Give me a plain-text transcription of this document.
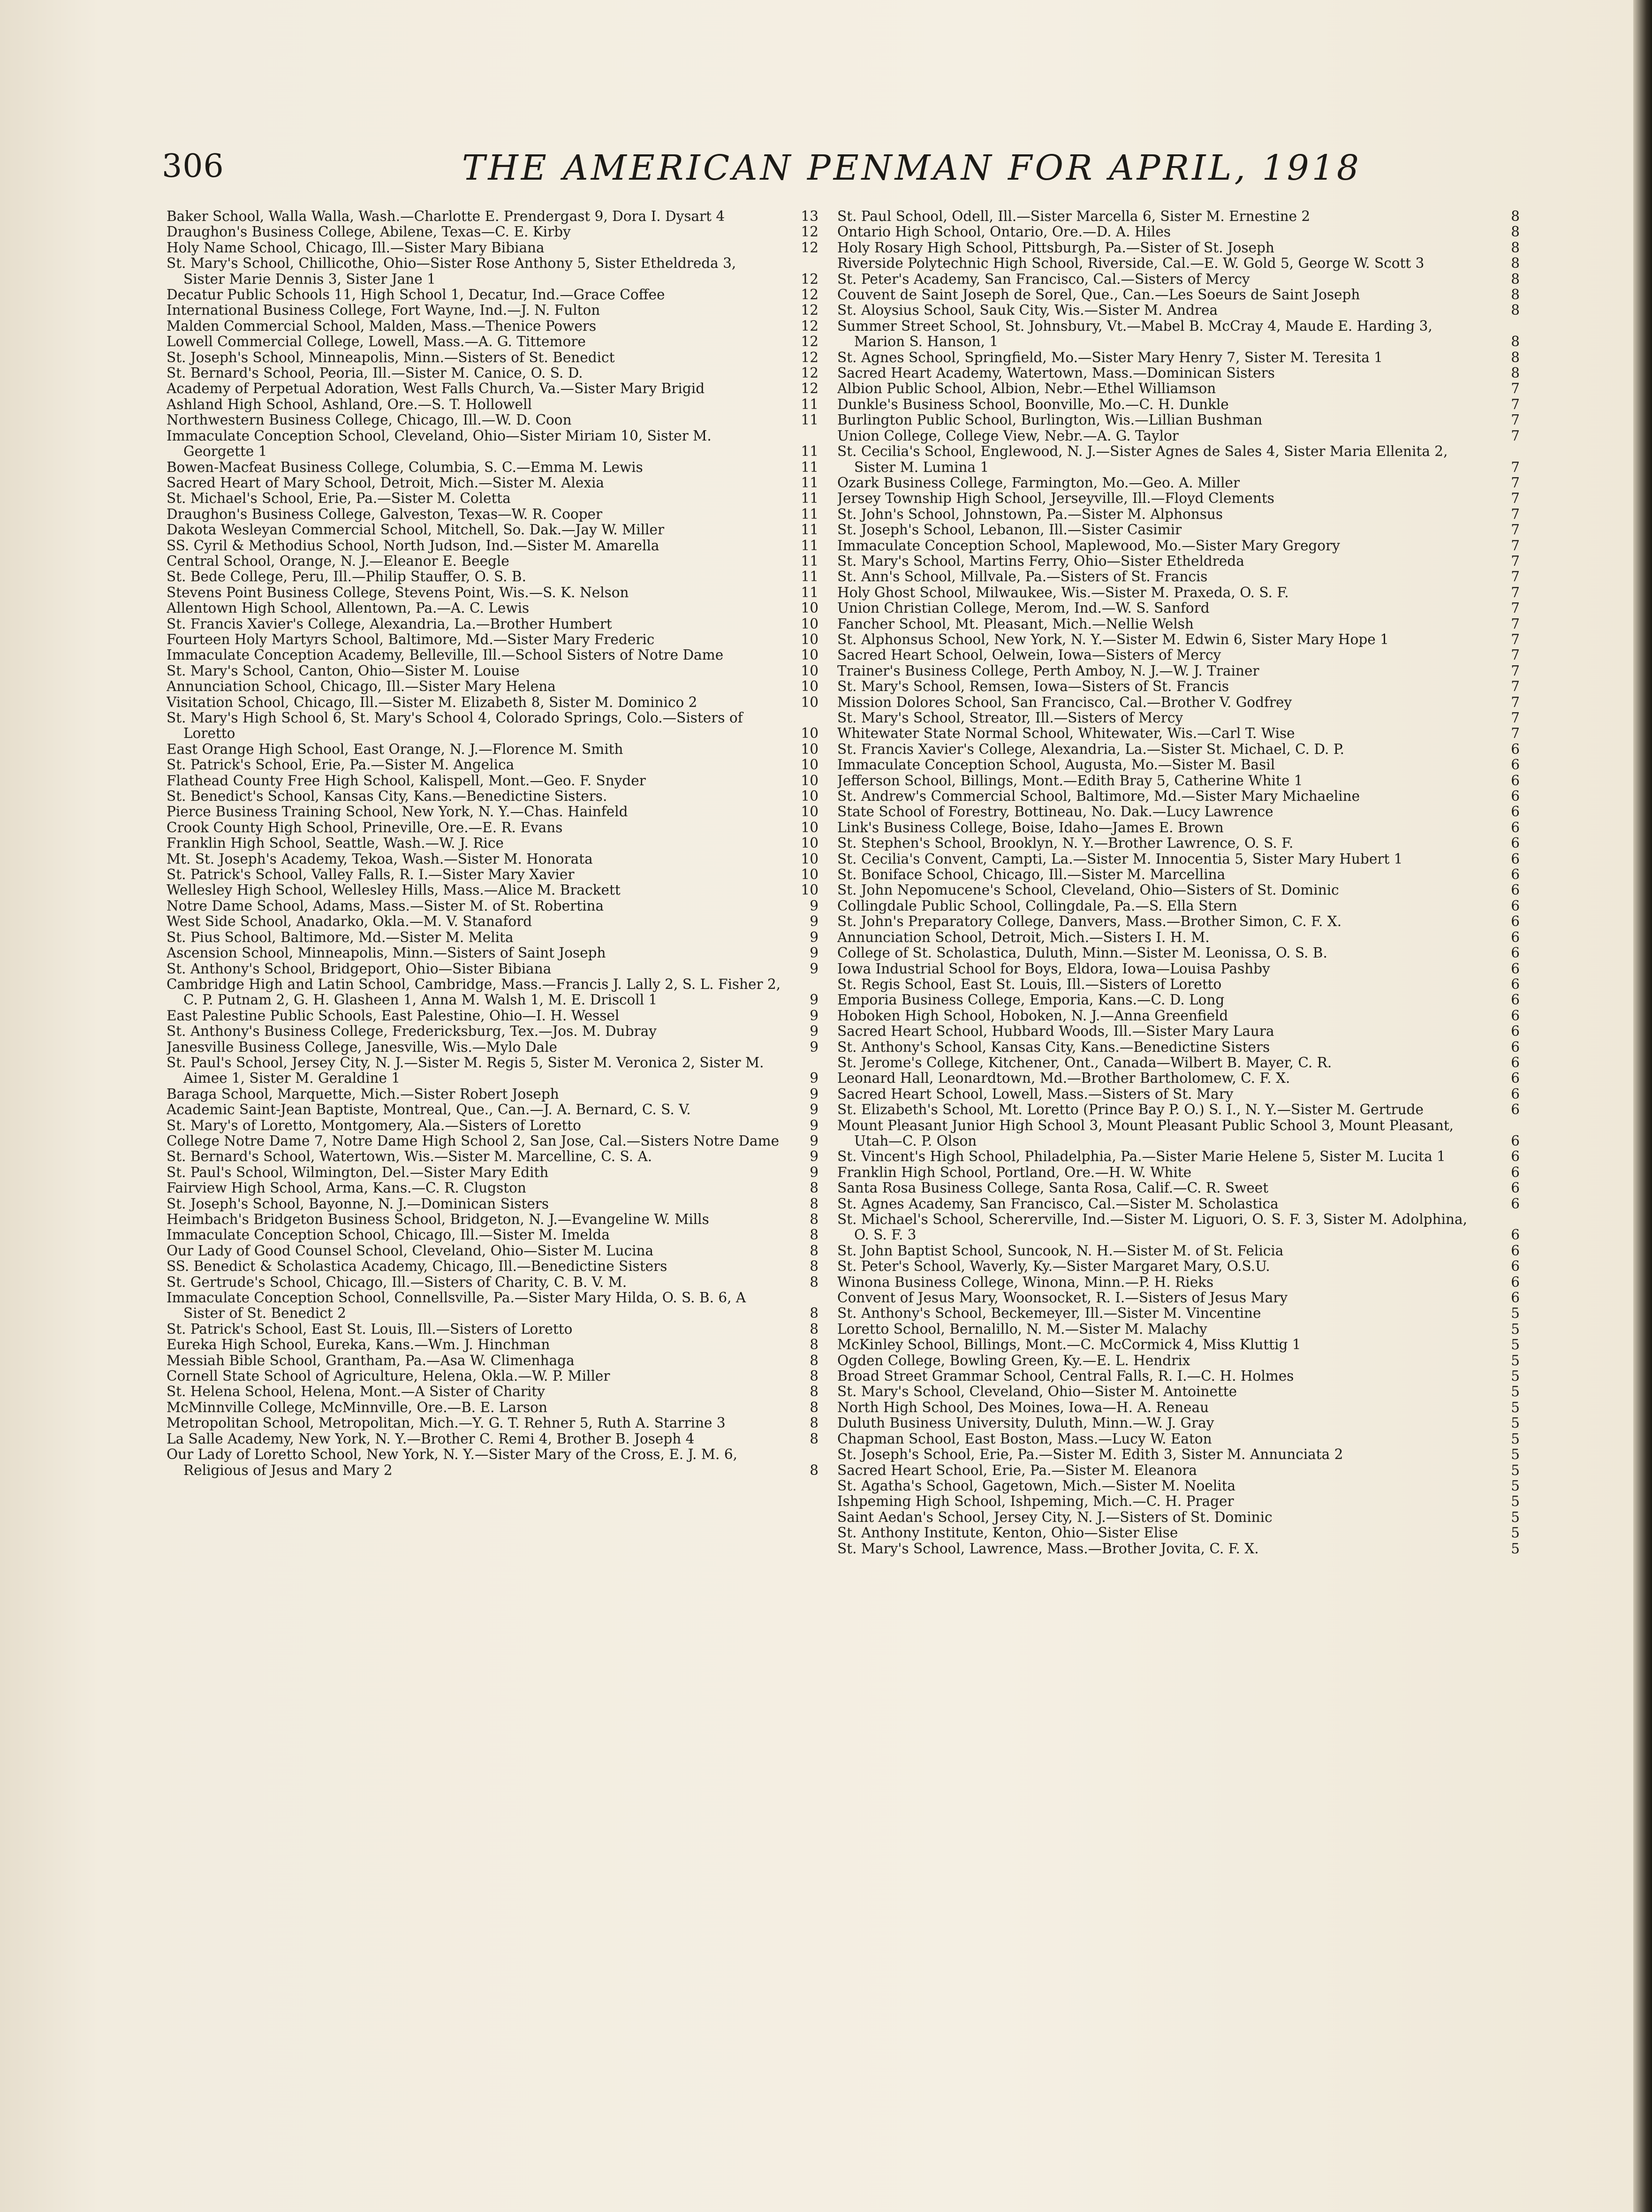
306	THE AMERICAN PENMAN FOR APRIL, 1918
Baker School, Walla Walla, Wash.—Charlotte E. Prendergast 9, Dora I. Dysart 4	13
Draughon's Business College, Abilene, Texas—C. E. Kirby	12
Holy Name School, Chicago, Ill.—Sister Mary Bibiana	12
St. Mary's School, Chillicothe, Ohio—Sister Rose Anthony 5, Sister Etheldreda 3, Sister Marie Dennis 3, Sister Jane 1	12
Decatur Public Schools 11, High School 1, Decatur, Ind.—Grace Coffee	12
International Business College, Fort Wayne, Ind.—J. N. Fulton	12
Malden Commercial School, Malden, Mass.—Thenice Powers	12
Lowell Commercial College, Lowell, Mass.—A. G. Tittemore	12
St. Joseph's School, Minneapolis, Minn.—Sisters of St. Benedict	12
St. Bernard's School, Peoria, Ill.—Sister M. Canice, O. S. D.	12
Academy of Perpetual Adoration, West Falls Church, Va.—Sister Mary Brigid	12
Ashland High School, Ashland, Ore.—S. T. Hollowell	11
Northwestern Business College, Chicago, Ill.—W. D. Coon	11
Immaculate Conception School, Cleveland, Ohio—Sister Miriam 10, Sister M. Georgette 1	11
Bowen-Macfeat Business College, Columbia, S. C.—Emma M. Lewis	11
Sacred Heart of Mary School, Detroit, Mich.—Sister M. Alexia	11
St. Michael's School, Erie, Pa.—Sister M. Coletta	11
Draughon's Business College, Galveston, Texas—W. R. Cooper	11
Dakota Wesleyan Commercial School, Mitchell, So. Dak.—Jay W. Miller	11
SS. Cyril & Methodius School, North Judson, Ind.—Sister M. Amarella	11
Central School, Orange, N. J.—Eleanor E. Beegle	11
St. Bede College, Peru, Ill.—Philip Stauffer, O. S. B.	11
Stevens Point Business College, Stevens Point, Wis.—S. K. Nelson	11
Allentown High School, Allentown, Pa.—A. C. Lewis	10
St. Francis Xavier's College, Alexandria, La.—Brother Humbert	10
Fourteen Holy Martyrs School, Baltimore, Md.—Sister Mary Frederic	10
Immaculate Conception Academy, Belleville, Ill.—School Sisters of Notre Dame	10
St. Mary's School, Canton, Ohio—Sister M. Louise	10
Annunciation School, Chicago, Ill.—Sister Mary Helena	10
Visitation School, Chicago, Ill.—Sister M. Elizabeth 8, Sister M. Dominico 2	10
St. Mary's High School 6, St. Mary's School 4, Colorado Springs, Colo.—Sisters of Loretto	10
East Orange High School, East Orange, N. J.—Florence M. Smith	10
St. Patrick's School, Erie, Pa.—Sister M. Angelica	10
Flathead County Free High School, Kalispell, Mont.—Geo. F. Snyder	10
St. Benedict's School, Kansas City, Kans.—Benedictine Sisters.	10
Pierce Business Training School, New York, N. Y.—Chas. Hainfeld	10
Crook County High School, Prineville, Ore.—E. R. Evans	10
Franklin High School, Seattle, Wash.—W. J. Rice	10
Mt. St. Joseph's Academy, Tekoa, Wash.—Sister M. Honorata	10
St. Patrick's School, Valley Falls, R. I.—Sister Mary Xavier	10
Wellesley High School, Wellesley Hills, Mass.—Alice M. Brackett	10
Notre Dame School, Adams, Mass.—Sister M. of St. Robertina	9
West Side School, Anadarko, Okla.—M. V. Stanaford	9
St. Pius School, Baltimore, Md.—Sister M. Melita	9
Ascension School, Minneapolis, Minn.—Sisters of Saint Joseph	9
St. Anthony's School, Bridgeport, Ohio—Sister Bibiana	9
Cambridge High and Latin School, Cambridge, Mass.—Francis J. Lally 2, S. L. Fisher 2, C. P. Putnam 2, G. H. Glasheen 1, Anna M. Walsh 1, M. E. Driscoll 1	9
East Palestine Public Schools, East Palestine, Ohio—I. H. Wessel	9
St. Anthony's Business College, Fredericksburg, Tex.—Jos. M. Dubray	9
Janesville Business College, Janesville, Wis.—Mylo Dale	9
St. Paul's School, Jersey City, N. J.—Sister M. Regis 5, Sister M. Veronica 2, Sister M. Aimee 1, Sister M. Geraldine 1	9
Baraga School, Marquette, Mich.—Sister Robert Joseph	9
Academic Saint-Jean Baptiste, Montreal, Que., Can.—J. A. Bernard, C. S. V.	9
St. Mary's of Loretto, Montgomery, Ala.—Sisters of Loretto	9
College Notre Dame 7, Notre Dame High School 2, San Jose, Cal.—Sisters Notre Dame	9
St. Bernard's School, Watertown, Wis.—Sister M. Marcelline, C. S. A.	9
St. Paul's School, Wilmington, Del.—Sister Mary Edith	9
Fairview High School, Arma, Kans.—C. R. Clugston	8
St. Joseph's School, Bayonne, N. J.—Dominican Sisters	8
Heimbach's Bridgeton Business School, Bridgeton, N. J.—Evangeline W. Mills	8
Immaculate Conception School, Chicago, Ill.—Sister M. Imelda	8
Our Lady of Good Counsel School, Cleveland, Ohio—Sister M. Lucina	8
SS. Benedict & Scholastica Academy, Chicago, Ill.—Benedictine Sisters	8
St. Gertrude's School, Chicago, Ill.—Sisters of Charity, C. B. V. M.	8
Immaculate Conception School, Connellsville, Pa.—Sister Mary Hilda, O. S. B. 6, A Sister of St. Benedict 2	8
St. Patrick's School, East St. Louis, Ill.—Sisters of Loretto	8
Eureka High School, Eureka, Kans.—Wm. J. Hinchman	8
Messiah Bible School, Grantham, Pa.—Asa W. Climenhaga	8
Cornell State School of Agriculture, Helena, Okla.—W. P. Miller	8
St. Helena School, Helena, Mont.—A Sister of Charity	8
McMinnville College, McMinnville, Ore.—B. E. Larson	8
Metropolitan School, Metropolitan, Mich.—Y. G. T. Rehner 5, Ruth A. Starrine 3	8
La Salle Academy, New York, N. Y.—Brother C. Remi 4, Brother B. Joseph 4	8
Our Lady of Loretto School, New York, N. Y.—Sister Mary of the Cross, E. J. M. 6, Religious of Jesus and Mary 2	8
St. Paul School, Odell, Ill.—Sister Marcella 6, Sister M. Ernestine 2	8
Ontario High School, Ontario, Ore.—D. A. Hiles	8
Holy Rosary High School, Pittsburgh, Pa.—Sister of St. Joseph	8
Riverside Polytechnic High School, Riverside, Cal.—E. W. Gold 5, George W. Scott 3	8
St. Peter's Academy, San Francisco, Cal.—Sisters of Mercy	8
Couvent de Saint Joseph de Sorel, Que., Can.—Les Soeurs de Saint Joseph	8
St. Aloysius School, Sauk City, Wis.—Sister M. Andrea	8
Summer Street School, St. Johnsbury, Vt.—Mabel B. McCray 4, Maude E. Harding 3, Marion S. Hanson, 1	8
St. Agnes School, Springfield, Mo.—Sister Mary Henry 7, Sister M. Teresita 1	8
Sacred Heart Academy, Watertown, Mass.—Dominican Sisters	8
Albion Public School, Albion, Nebr.—Ethel Williamson	7
Dunkle's Business School, Boonville, Mo.—C. H. Dunkle	7
Burlington Public School, Burlington, Wis.—Lillian Bushman	7
Union College, College View, Nebr.—A. G. Taylor	7
St. Cecilia's School, Englewood, N. J.—Sister Agnes de Sales 4, Sister Maria Ellenita 2, Sister M. Lumina 1	7
Ozark Business College, Farmington, Mo.—Geo. A. Miller	7
Jersey Township High School, Jerseyville, Ill.—Floyd Clements	7
St. John's School, Johnstown, Pa.—Sister M. Alphonsus	7
St. Joseph's School, Lebanon, Ill.—Sister Casimir	7
Immaculate Conception School, Maplewood, Mo.—Sister Mary Gregory	7
St. Mary's School, Martins Ferry, Ohio—Sister Etheldreda	7
St. Ann's School, Millvale, Pa.—Sisters of St. Francis	7
Holy Ghost School, Milwaukee, Wis.—Sister M. Praxeda, O. S. F.	7
Union Christian College, Merom, Ind.—W. S. Sanford	7
Fancher School, Mt. Pleasant, Mich.—Nellie Welsh	7
St. Alphonsus School, New York, N. Y.—Sister M. Edwin 6, Sister Mary Hope 1	7
Sacred Heart School, Oelwein, Iowa—Sisters of Mercy	7
Trainer's Business College, Perth Amboy, N. J.—W. J. Trainer	7
St. Mary's School, Remsen, Iowa—Sisters of St. Francis	7
Mission Dolores School, San Francisco, Cal.—Brother V. Godfrey	7
St. Mary's School, Streator, Ill.—Sisters of Mercy	7
Whitewater State Normal School, Whitewater, Wis.—Carl T. Wise	7
St. Francis Xavier's College, Alexandria, La.—Sister St. Michael, C. D. P.	6
Immaculate Conception School, Augusta, Mo.—Sister M. Basil	6
Jefferson School, Billings, Mont.—Edith Bray 5, Catherine White 1	6
St. Andrew's Commercial School, Baltimore, Md.—Sister Mary Michaeline	6
State School of Forestry, Bottineau, No. Dak.—Lucy Lawrence	6
Link's Business College, Boise, Idaho—James E. Brown	6
St. Stephen's School, Brooklyn, N. Y.—Brother Lawrence, O. S. F.	6
St. Cecilia's Convent, Campti, La.—Sister M. Innocentia 5, Sister Mary Hubert 1	6
St. Boniface School, Chicago, Ill.—Sister M. Marcellina	6
St. John Nepomucene's School, Cleveland, Ohio—Sisters of St. Dominic	6
Collingdale Public School, Collingdale, Pa.—S. Ella Stern	6
St. John's Preparatory College, Danvers, Mass.—Brother Simon, C. F. X.	6
Annunciation School, Detroit, Mich.—Sisters I. H. M.	6
College of St. Scholastica, Duluth, Minn.—Sister M. Leonissa, O. S. B.	6
Iowa Industrial School for Boys, Eldora, Iowa—Louisa Pashby	6
St. Regis School, East St. Louis, Ill.—Sisters of Loretto	6
Emporia Business College, Emporia, Kans.—C. D. Long	6
Hoboken High School, Hoboken, N. J.—Anna Greenfield	6
Sacred Heart School, Hubbard Woods, Ill.—Sister Mary Laura	6
St. Anthony's School, Kansas City, Kans.—Benedictine Sisters	6
St. Jerome's College, Kitchener, Ont., Canada—Wilbert B. Mayer, C. R.	6
Leonard Hall, Leonardtown, Md.—Brother Bartholomew, C. F. X.	6
Sacred Heart School, Lowell, Mass.—Sisters of St. Mary	6
St. Elizabeth's School, Mt. Loretto (Prince Bay P. O.) S. I., N. Y.—Sister M. Gertrude	6
Mount Pleasant Junior High School 3, Mount Pleasant Public School 3, Mount Pleasant, Utah—C. P. Olson	6
St. Vincent's High School, Philadelphia, Pa.—Sister Marie Helene 5, Sister M. Lucita 1	6
Franklin High School, Portland, Ore.—H. W. White	6
Santa Rosa Business College, Santa Rosa, Calif.—C. R. Sweet	6
St. Agnes Academy, San Francisco, Cal.—Sister M. Scholastica	6
St. Michael's School, Schererville, Ind.—Sister M. Liguori, O. S. F. 3, Sister M. Adolphina, O. S. F. 3	6
St. John Baptist School, Suncook, N. H.—Sister M. of St. Felicia	6
St. Peter's School, Waverly, Ky.—Sister Margaret Mary, O.S.U.	6
Winona Business College, Winona, Minn.—P. H. Rieks	6
Convent of Jesus Mary, Woonsocket, R. I.—Sisters of Jesus Mary	6
St. Anthony's School, Beckemeyer, Ill.—Sister M. Vincentine	5
Loretto School, Bernalillo, N. M.—Sister M. Malachy	5
McKinley School, Billings, Mont.—C. McCormick 4, Miss Kluttig 1	5
Ogden College, Bowling Green, Ky.—E. L. Hendrix	5
Broad Street Grammar School, Central Falls, R. I.—C. H. Holmes	5
St. Mary's School, Cleveland, Ohio—Sister M. Antoinette	5
North High School, Des Moines, Iowa—H. A. Reneau	5
Duluth Business University, Duluth, Minn.—W. J. Gray	5
Chapman School, East Boston, Mass.—Lucy W. Eaton	5
St. Joseph's School, Erie, Pa.—Sister M. Edith 3, Sister M. Annunciata 2	5
Sacred Heart School, Erie, Pa.—Sister M. Eleanora	5
St. Agatha's School, Gagetown, Mich.—Sister M. Noelita	5
Ishpeming High School, Ishpeming, Mich.—C. H. Prager	5
Saint Aedan's School, Jersey City, N. J.—Sisters of St. Dominic	5
St. Anthony Institute, Kenton, Ohio—Sister Elise	5
St. Mary's School, Lawrence, Mass.—Brother Jovita, C. F. X.	5
